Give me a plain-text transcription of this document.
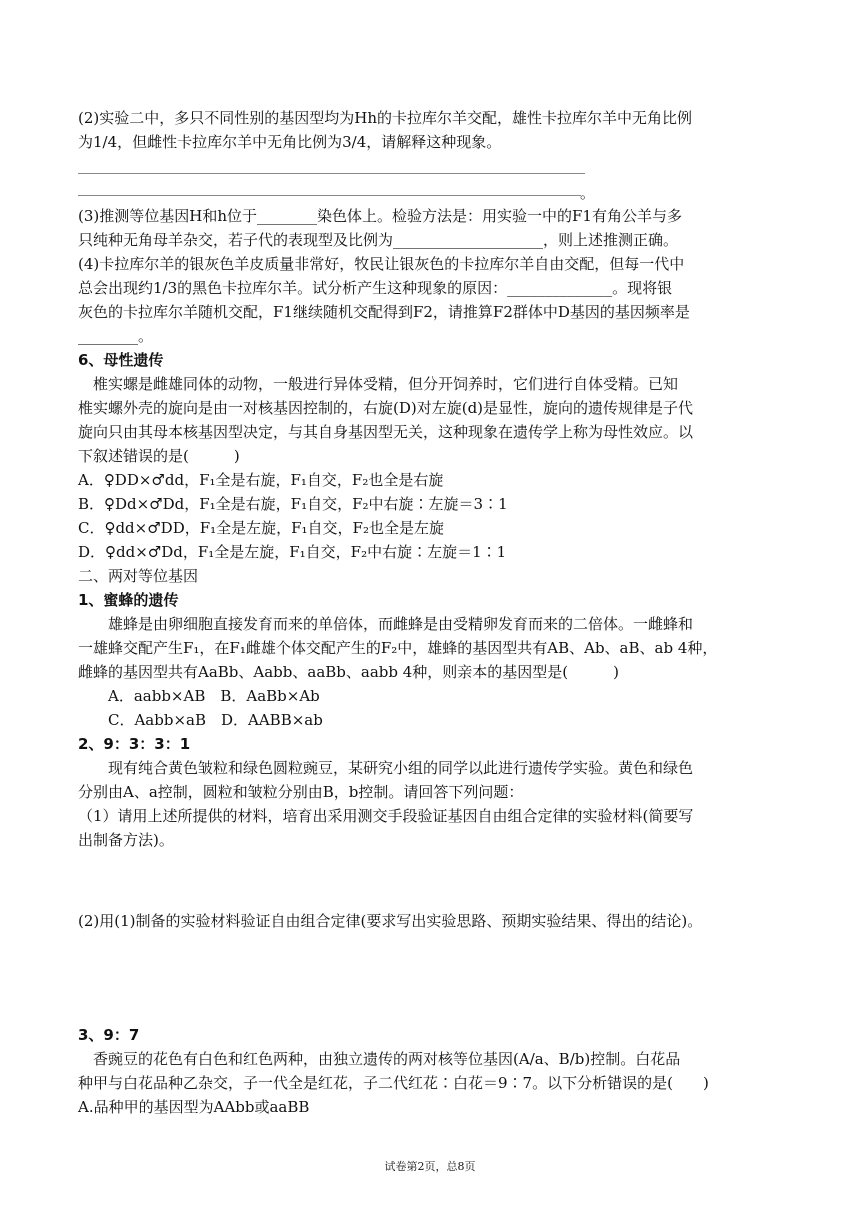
(2)实验二中，多只不同性别的基因型均为Hh的卡拉库尔羊交配，雄性卡拉库尔羊中无角比例
为1/4，但雌性卡拉库尔羊中无角比例为3/4，请解释这种现象。
。
(3)推测等位基因H和h位于________染色体上。检验方法是：用实验一中的F1有角公羊与多
只纯种无角母羊杂交，若子代的表现型及比例为____________________，则上述推测正确。
(4)卡拉库尔羊的银灰色羊皮质量非常好，牧民让银灰色的卡拉库尔羊自由交配，但每一代中
总会出现约1/3的黑色卡拉库尔羊。试分析产生这种现象的原因：______________。现将银
灰色的卡拉库尔羊随机交配，F1继续随机交配得到F2，请推算F2群体中D基因的基因频率是
________。
6、母性遗传
　椎实螺是雌雄同体的动物，一般进行异体受精，但分开饲养时，它们进行自体受精。已知
椎实螺外壳的旋向是由一对核基因控制的，右旋(D)对左旋(d)是显性，旋向的遗传规律是子代
旋向只由其母本核基因型决定，与其自身基因型无关，这种现象在遗传学上称为母性效应。以
下叙述错误的是(　　　)
A．♀DD×♂dd，F₁全是右旋，F₁自交，F₂也全是右旋
B．♀Dd×♂Dd，F₁全是右旋，F₁自交，F₂中右旋∶左旋＝3∶1
C．♀dd×♂DD，F₁全是左旋，F₁自交，F₂也全是左旋
D．♀dd×♂Dd，F₁全是左旋，F₁自交，F₂中右旋∶左旋＝1∶1
二、两对等位基因
1、蜜蜂的遗传
　　雄蜂是由卵细胞直接发育而来的单倍体，而雌蜂是由受精卵发育而来的二倍体。一雌蜂和
一雄蜂交配产生F₁，在F₁雌雄个体交配产生的F₂中，雄蜂的基因型共有AB、Ab、aB、ab 4种，
雌蜂的基因型共有AaBb、Aabb、aaBb、aabb 4种，则亲本的基因型是(　　　)
　　A．aabb×AB　B．AaBb×Ab
　　C．Aabb×aB　D．AABB×ab
2、9：3：3：1
　　现有纯合黄色皱粒和绿色圆粒豌豆，某研究小组的同学以此进行遗传学实验。黄色和绿色
分别由A、a控制，圆粒和皱粒分别由B，b控制。请回答下列问题：
（1）请用上述所提供的材料，培育出采用测交手段验证基因自由组合定律的实验材料(简要写
出制备方法)。
(2)用(1)制备的实验材料验证自由组合定律(要求写出实验思路、预期实验结果、得出的结论)。
3、9：7
　香豌豆的花色有白色和红色两种，由独立遗传的两对核等位基因(A/a、B/b)控制。白花品
种甲与白花品种乙杂交，子一代全是红花，子二代红花∶白花＝9∶7。以下分析错误的是(　　)
A.品种甲的基因型为AAbb或aaBB
试卷第2页，总8页
